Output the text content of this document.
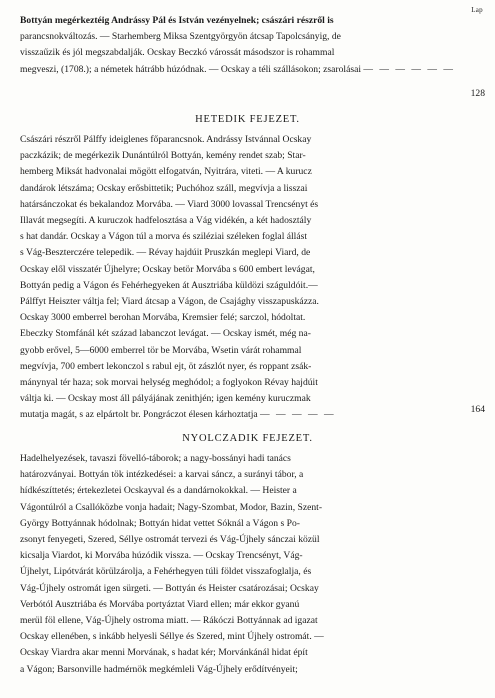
Lap
Bottyán megérkeztéig Andrássy Pál és István vezényelnek; császári részről is
parancsnokváltozás. — Starhemberg Miksa Szentgyörgyön átcsap Tapolcsányig, de
visszaűzik és jól megszabdalják. Ocskay Beczkó várossát másodszor is rohammal
megveszi, (1708.); a németek hátrább húzódnak. — Ocskay a téli szállásokon; zsarolásai — — — — — —
128
HETEDIK FEJEZET.
Császári részről Pálffy ideiglenes főparancsnok. Andrássy Istvánnal Ocskay
paczkázik; de megérkezik Dunántúlról Bottyán, kemény rendet szab; Star-
hemberg Miksát hadvonalai mögött elfogatván, Nyitrára, viteti. — A kurucz
dandárok létszáma; Ocskay erősbittetik; Puchóhoz száll, megvívja a lisszai
határsánczokat és bekalandoz Morvába. — Viard 3000 lovassal Trencsényt és
Illavát megsegíti. A kuruczok hadfelosztása a Vág vidékén, a két hadosztály
s hat dandár. Ocskay a Vágon túl a morva és sziléziai széleken foglal állást
s Vág-Beszterczére telepedik. — Révay hajdúit Pruszkán meglepi Viard, de
Ocskay elől visszatér Újhelyre; Ocskay betör Morvába s 600 embert levágat,
Bottyán pedig a Vágon és Fehérhegyeken át Ausztriába küldözi száguldóit.—
Pálffyt Heiszter váltja fel; Viard átcsap a Vágon, de Csajághy visszapuskázza.
Ocskay 3000 emberrel berohan Morvába, Kremsier felé; sarczol, hódoltat.
Ebeczky Stomfánál két század labanczot levágat. — Ocskay ismét, még na-
gyobb erővel, 5—6000 emberrel tör be Morvába, Wsetin várát rohammal
megvívja, 700 embert lekonczol s rabul ejt, öt zászlót nyer, és roppant zsák-
mánynyal tér haza; sok morvai helység meghódol; a foglyokon Révay hajdúit
váltja ki. — Ocskay most áll pályájának zenithjén; igen kemény kuruczmak
mutatja magát, s az elpártolt br. Pongráczot élesen kárhoztatja — — — — —	164
NYOLCZADIK FEJEZET.
Hadelhelyezések, tavaszi fövelló-táborok; a nagy-bossányi hadi tanács
határozványai. Bottyán tök intézkedései: a karvai sáncz, a surányi tábor, a
hídkészíttetés; értekezletei Ocskayval és a dandárnokokkal. — Heister a
Vágontúlról a Csallóközbe vonja hadait; Nagy-Szombat, Modor, Bazin, Szent-
György Bottyánnak hódolnak; Bottyán hidat vettet Sóknál a Vágon s Po-
zsonyt fenyegeti, Szered, Séllye ostromát tervezi és Vág-Újhely sánczai közül
kicsalja Viardot, ki Morvába húzódik vissza. — Ocskay Trencsényt, Vág-
Újhelyt, Lipótvárát körülzárolja, a Fehérhegyen túli földet visszafoglalja, és
Vág-Újhely ostromát igen sürgeti. — Bottyán és Heister csatározásai; Ocskay
Verbótól Ausztriába és Morvába portyáztat Viard ellen; már ekkor gyanú
merül föl ellene, Vág-Újhely ostroma miatt. — Rákóczi Bottyánnak ad igazat
Ocskay ellenében, s inkább helyesli Séllye és Szered, mint Újhely ostromát. —
Ocskay Viardra akar menni Morvának, s hadat kér; Morvánkánál hidat épít
a Vágon; Barsonville hadmérnök megkémleli Vág-Újhely erődítvényeit;
